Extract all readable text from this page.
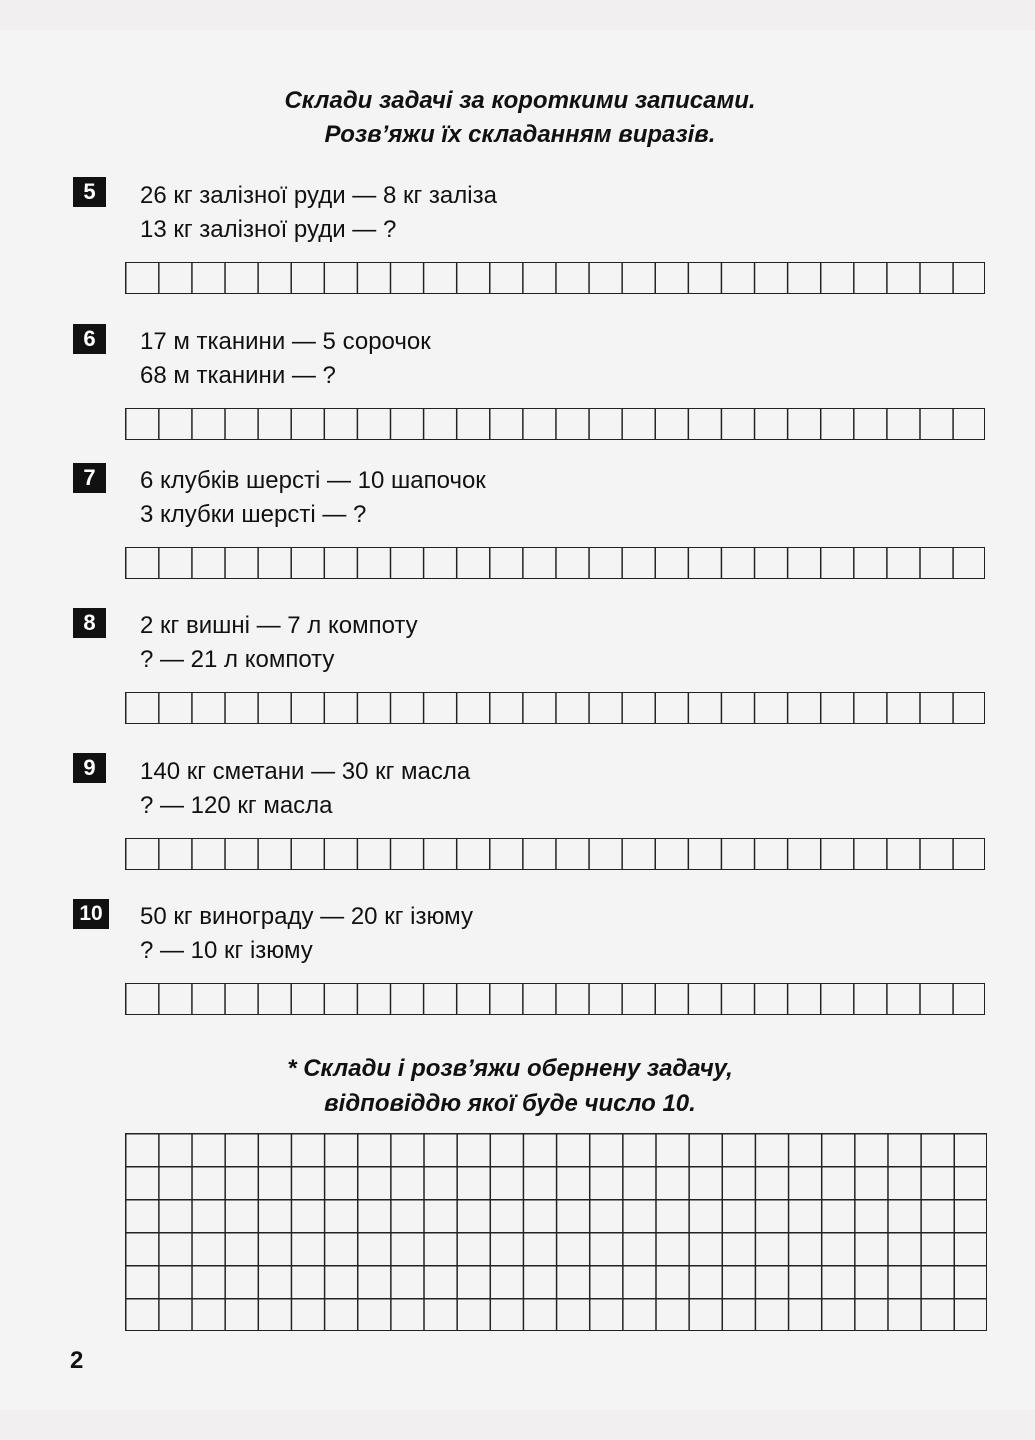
Склади задачі за короткими записами.
Розв’яжи їх складанням виразів.
5	26 кг залізної руди — 8 кг заліза
13 кг залізної руди — ?
6	17 м тканини — 5 сорочок
68 м тканини — ?
7	6 клубків шерсті — 10 шапочок
3 клубки шерсті — ?
8	2 кг вишні — 7 л компоту
? — 21 л компоту
9	140 кг сметани — 30 кг масла
? — 120 кг масла
10 50 кг винограду — 20 кг ізюму
? — 10 кг ізюму
* Склади і розв’яжи обернену задачу,
відповіддю якої буде число 10.
2
